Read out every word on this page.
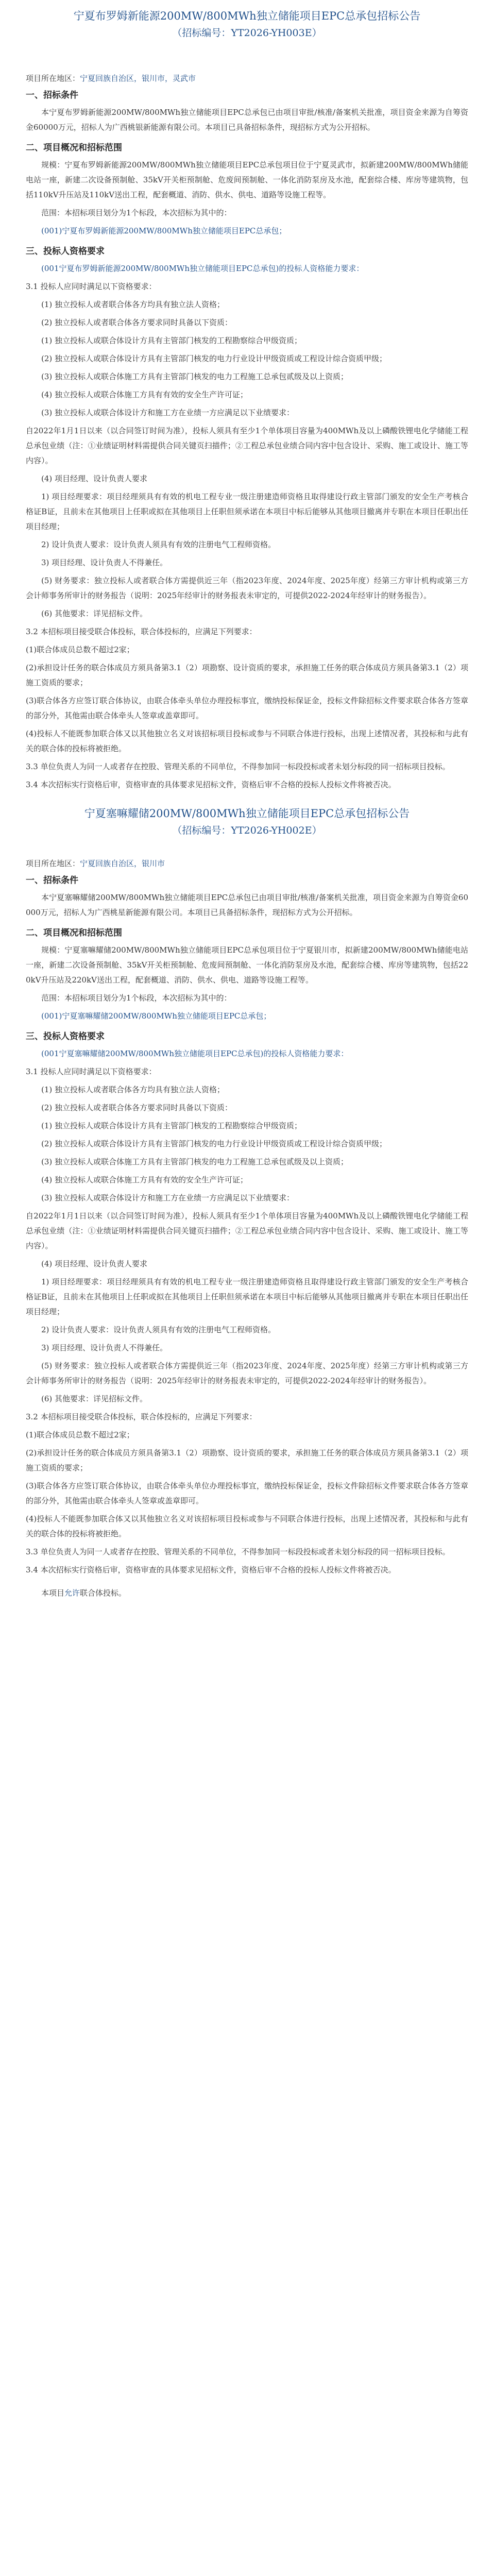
宁夏布罗姆新能源200MW/800MWh独立储能项目EPC总承包招标公告

（招标编号：YT2026-YH003E）

项目所在地区：宁夏回族自治区，银川市，灵武市

一、招标条件

本宁夏布罗姆新能源200MW/800MWh独立储能项目EPC总承包已由项目审批/核准/备案机关批准，项目资金来源为自筹资金60000万元，招标人为广西桃银新能源有限公司。本项目已具备招标条件，现招标方式为公开招标。

二、项目概况和招标范围

规模：宁夏布罗姆新能源200MW/800MWh独立储能项目EPC总承包项目位于宁夏灵武市，拟新建200MW/800MWh储能电站一座，新建二次设备预制舱、35kV开关柜预制舱、危废间预制舱、一体化消防泵房及水池，配套综合楼、库房等建筑物，包括110kV升压站及110kV送出工程，配套概道、消防、供水、供电、道路等设施工程等。

范围：本招标项目划分为1个标段，本次招标为其中的：

(001)宁夏布罗姆新能源200MW/800MWh独立储能项目EPC总承包；

三、投标人资格要求

(001宁夏布罗姆新能源200MW/800MWh独立储能项目EPC总承包)的投标人资格能力要求：

3.1 投标人应同时满足以下资格要求：

(1) 独立投标人或者联合体各方均具有独立法人资格；

(2) 独立投标人或者联合体各方要求同时具备以下资质：

(1) 独立投标人或联合体设计方具有主管部门核发的工程勘察综合甲级资质；

(2) 独立投标人或联合体设计方具有主管部门核发的电力行业设计甲级资质或工程设计综合资质甲级；

(3) 独立投标人或联合体施工方具有主管部门核发的电力工程施工总承包贰级及以上资质；

(4) 独立投标人或联合体施工方具有有效的安全生产许可证；

(3) 独立投标人或联合体设计方和施工方在业绩一方应满足以下业绩要求：

自2022年1月1日以来（以合同签订时间为准），投标人须具有至少1个单体项目容量为400MWh及以上磷酸铁锂电化学储能工程总承包业绩（注：①业绩证明材料需提供合同关键页扫描件；②工程总承包业绩合同内容中包含设计、采购、施工或设计、施工等内容）。

(4) 项目经理、设计负责人要求

1) 项目经理要求：项目经理须具有有效的机电工程专业一级注册建造师资格且取得建设行政主管部门颁发的安全生产考核合格证B证，且前未在其他项目上任职或拟在其他项目上任职但须承诺在本项目中标后能够从其他项目撤离并专职在本项目任职出任项目经理；

2) 设计负责人要求：设计负责人须具有有效的注册电气工程师资格。

3) 项目经理、设计负责人不得兼任。

(5) 财务要求：独立投标人或者联合体方需提供近三年（指2023年度、2024年度、2025年度）经第三方审计机构或第三方会计师事务所审计的财务报告（说明：2025年经审计的财务报表未审定的，可提供2022-2024年经审计的财务报告）。

(6) 其他要求：详见招标文件。

3.2 本招标项目接受联合体投标，联合体投标的，应满足下列要求：

(1)联合体成员总数不超过2家；

(2)承担设计任务的联合体成员方须具备第3.1（2）项勘察、设计资质的要求，承担施工任务的联合体成员方须具备第3.1（2）项施工资质的要求；

(3)联合体各方应签订联合体协议，由联合体牵头单位办理投标事宜，缴纳投标保证金，投标文件除招标文件要求联合体各方签章的部分外，其他需由联合体牵头人签章或盖章即可。

(4)投标人不能既参加联合体又以其他独立名义对该招标项目投标或参与不同联合体进行投标，出现上述情况者，其投标和与此有关的联合体的投标将被拒绝。

3.3 单位负责人为同一人或者存在控股、管理关系的不同单位，不得参加同一标段投标或者未划分标段的同一招标项目投标。

3.4 本次招标实行资格后审，资格审查的具体要求见招标文件，资格后审不合格的投标人投标文件将被否决。

宁夏塞嘛耀储200MW/800MWh独立储能项目EPC总承包招标公告

（招标编号：YT2026-YH002E）

项目所在地区：宁夏回族自治区，银川市

一、招标条件

本宁夏塞嘛耀储200MW/800MWh独立储能项目EPC总承包已由项目审批/核准/备案机关批准，项目资金来源为自筹资金60000万元，招标人为广西桃星新能源有限公司。本项目已具备招标条件，现招标方式为公开招标。

二、项目概况和招标范围

规模：宁夏塞嘛耀储200MW/800MWh独立储能项目EPC总承包项目位于宁夏银川市，拟新建200MW/800MWh储能电站一座，新建二次设备预制舱、35kV开关柜预制舱、危废间预制舱、一体化消防泵房及水池，配套综合楼、库房等建筑物，包括220kV升压站及220kV送出工程，配套概道、消防、供水、供电、道路等设施工程等。

范围：本招标项目划分为1个标段，本次招标为其中的：

(001)宁夏塞嘛耀储200MW/800MWh独立储能项目EPC总承包；

三、投标人资格要求

(001宁夏塞嘛耀储200MW/800MWh独立储能项目EPC总承包)的投标人资格能力要求：

3.1 投标人应同时满足以下资格要求：

(1) 独立投标人或者联合体各方均具有独立法人资格；

(2) 独立投标人或者联合体各方要求同时具备以下资质：

(1) 独立投标人或联合体设计方具有主管部门核发的工程勘察综合甲级资质；

(2) 独立投标人或联合体设计方具有主管部门核发的电力行业设计甲级资质或工程设计综合资质甲级；

(3) 独立投标人或联合体施工方具有主管部门核发的电力工程施工总承包贰级及以上资质；

(4) 独立投标人或联合体施工方具有有效的安全生产许可证；

(3) 独立投标人或联合体设计方和施工方在业绩一方应满足以下业绩要求：

自2022年1月1日以来（以合同签订时间为准），投标人须具有至少1个单体项目容量为400MWh及以上磷酸铁锂电化学储能工程总承包业绩（注：①业绩证明材料需提供合同关键页扫描件；②工程总承包业绩合同内容中包含设计、采购、施工或设计、施工等内容）。

(4) 项目经理、设计负责人要求

1) 项目经理要求：项目经理须具有有效的机电工程专业一级注册建造师资格且取得建设行政主管部门颁发的安全生产考核合格证B证，且前未在其他项目上任职或拟在其他项目上任职但须承诺在本项目中标后能够从其他项目撤离并专职在本项目任职出任项目经理；

2) 设计负责人要求：设计负责人须具有有效的注册电气工程师资格。

3) 项目经理、设计负责人不得兼任。

(5) 财务要求：独立投标人或者联合体方需提供近三年（指2023年度、2024年度、2025年度）经第三方审计机构或第三方会计师事务所审计的财务报告（说明：2025年经审计的财务报表未审定的，可提供2022-2024年经审计的财务报告）。

(6) 其他要求：详见招标文件。

3.2 本招标项目接受联合体投标，联合体投标的，应满足下列要求：

(1)联合体成员总数不超过2家；

(2)承担设计任务的联合体成员方须具备第3.1（2）项勘察、设计资质的要求，承担施工任务的联合体成员方须具备第3.1（2）项施工资质的要求；

(3)联合体各方应签订联合体协议，由联合体牵头单位办理投标事宜，缴纳投标保证金，投标文件除招标文件要求联合体各方签章的部分外，其他需由联合体牵头人签章或盖章即可。

(4)投标人不能既参加联合体又以其他独立名义对该招标项目投标或参与不同联合体进行投标，出现上述情况者，其投标和与此有关的联合体的投标将被拒绝。

3.3 单位负责人为同一人或者存在控股、管理关系的不同单位，不得参加同一标段投标或者未划分标段的同一招标项目投标。

3.4 本次招标实行资格后审，资格审查的具体要求见招标文件，资格后审不合格的投标人投标文件将被否决。

本项目允许联合体投标。
